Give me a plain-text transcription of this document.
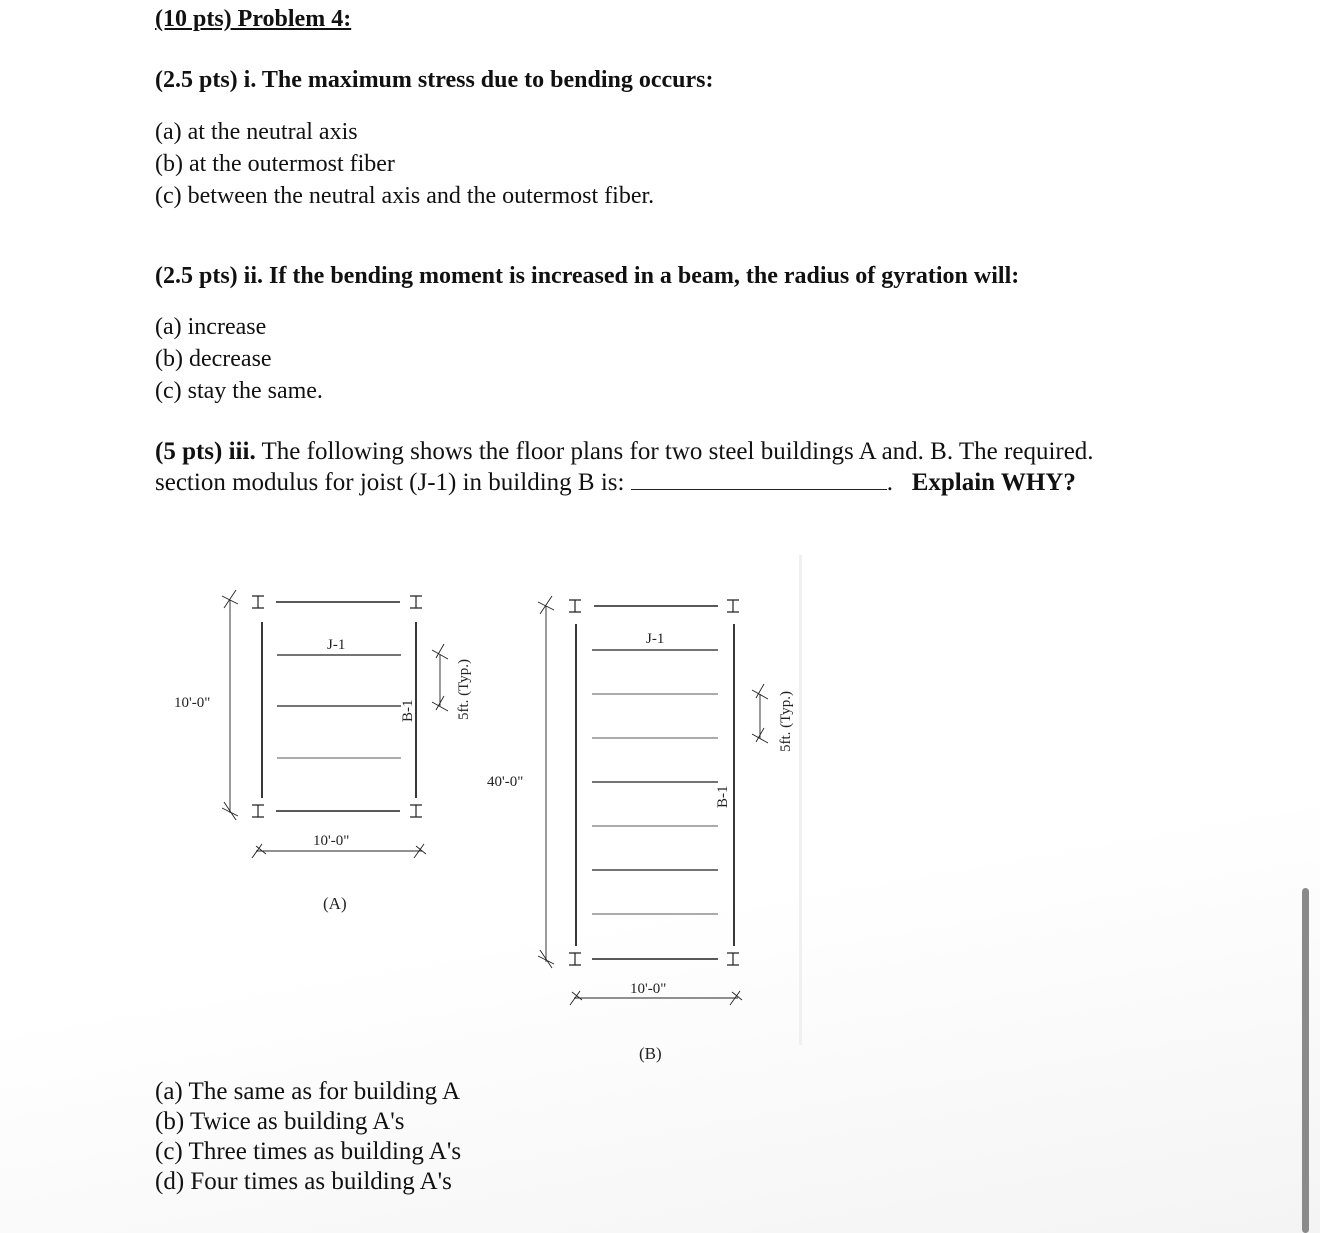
(10 pts) Problem 4:
(2.5 pts) i. The maximum stress due to bending occurs:
(a) at the neutral axis
(b) at the outermost fiber
(c) between the neutral axis and the outermost fiber.
(2.5 pts) ii. If the bending moment is increased in a beam, the radius of gyration will:
(a) increase
(b) decrease
(c) stay the same.
(5 pts) iii. The following shows the floor plans for two steel buildings A and. B. The required.
section modulus for joist (J-1) in building B is:	. Explain WHY?
J-1
10'-0"	B-1	5ft. (Typ.)
10'-0"
(A)
J-1
40'-0"
B-1
5ft. (Typ.)
10'-0"
(B)
(a) The same as for building A
(b) Twice as building A's
(c) Three times as building A's
(d) Four times as building A's
